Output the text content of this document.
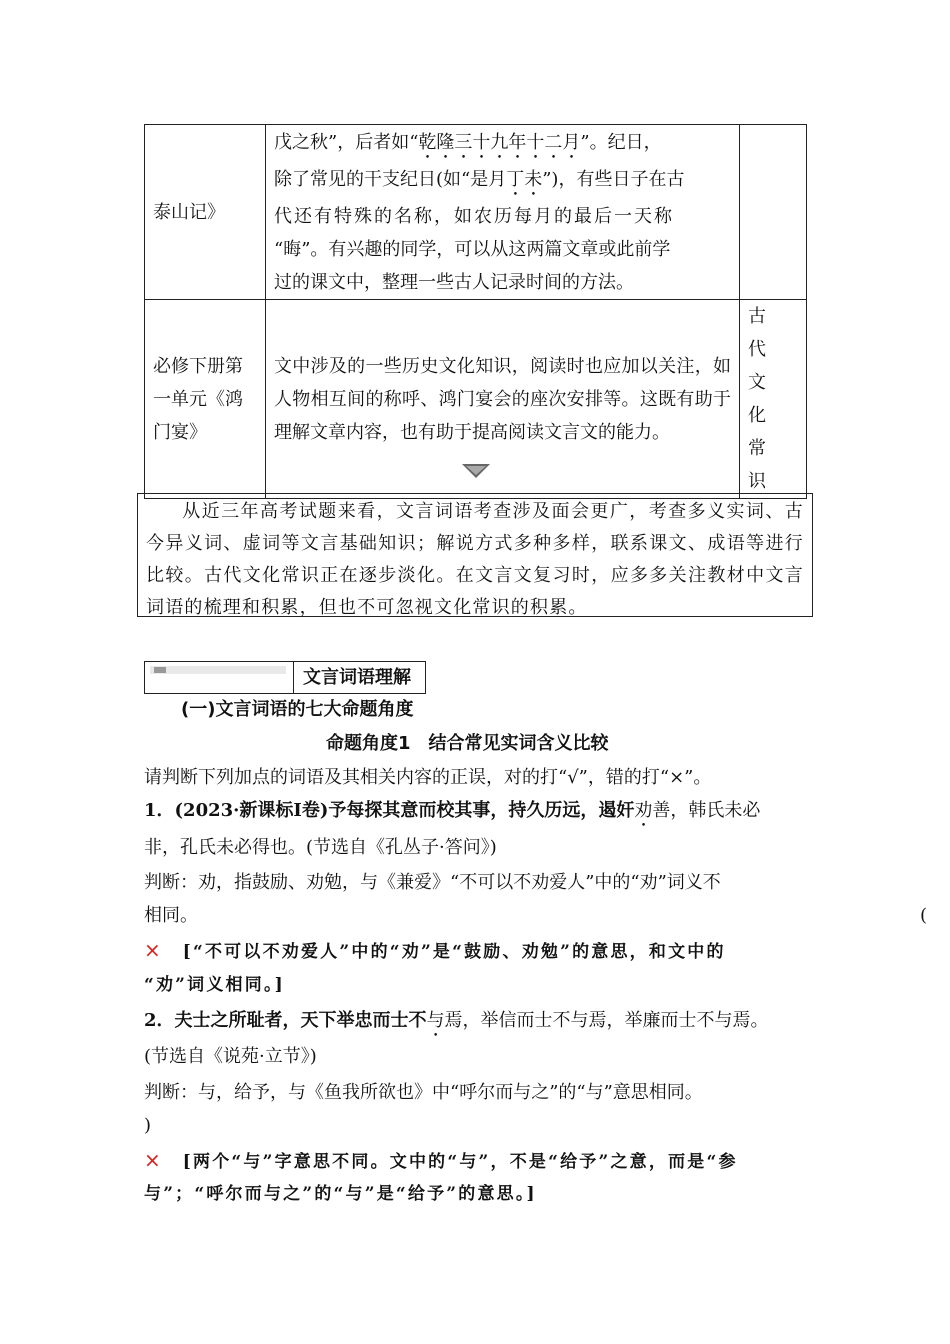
泰山记》	戊之秋”，后者如“乾隆三十九年十二月”。纪日，
除了常见的干支纪日(如“是月丁未”)，有些日子在古
代还有特殊的名称，如农历每月的最后一天称
“晦”。有兴趣的同学，可以从这两篇文章或此前学
过的课文中，整理一些古人记录时间的方法。	

必修下册第一单元《鸿门宴》	文中涉及的一些历史文化知识，阅读时也应加以关注，如人物相互间的称呼、鸿门宴会的座次安排等。这既有助于理解文章内容，也有助于提高阅读文言文的能力。	古代文化常识
从近三年高考试题来看，文言词语考查涉及面会更广，考查多义实词、古今异义词、虚词等文言基础知识；解说方式多种多样，联系课文、成语等进行比较。古代文化常识正在逐步淡化。在文言文复习时，应多多关注教材中文言词语的梳理和积累，但也不可忽视文化常识的积累。
文言词语理解
(一)文言词语的七大命题角度
命题角度1　结合常见实词含义比较
请判断下列加点的词语及其相关内容的正误，对的打“√”，错的打“×”。
1．(2023·新课标Ⅰ卷)予每探其意而校其事，持久历远，遏奸劝善，韩氏未必
非，孔氏未必得也。(节选自《孔丛子·答问》)
判断：劝，指鼓励、劝勉，与《兼爱》“不可以不劝爱人”中的“劝”词义不
相同。	(
× [“不可以不劝爱人”中的“劝”是“鼓励、劝勉”的意思，和文中的
“劝”词义相同。]
2．夫士之所耻者，天下举忠而士不与焉，举信而士不与焉，举廉而士不与焉。
(节选自《说苑·立节》)
判断：与，给予，与《鱼我所欲也》中“呼尔而与之”的“与”意思相同。
)
× [两个“与”字意思不同。文中的“与”，不是“给予”之意，而是“参
与”；“呼尔而与之”的“与”是“给予”的意思。]
